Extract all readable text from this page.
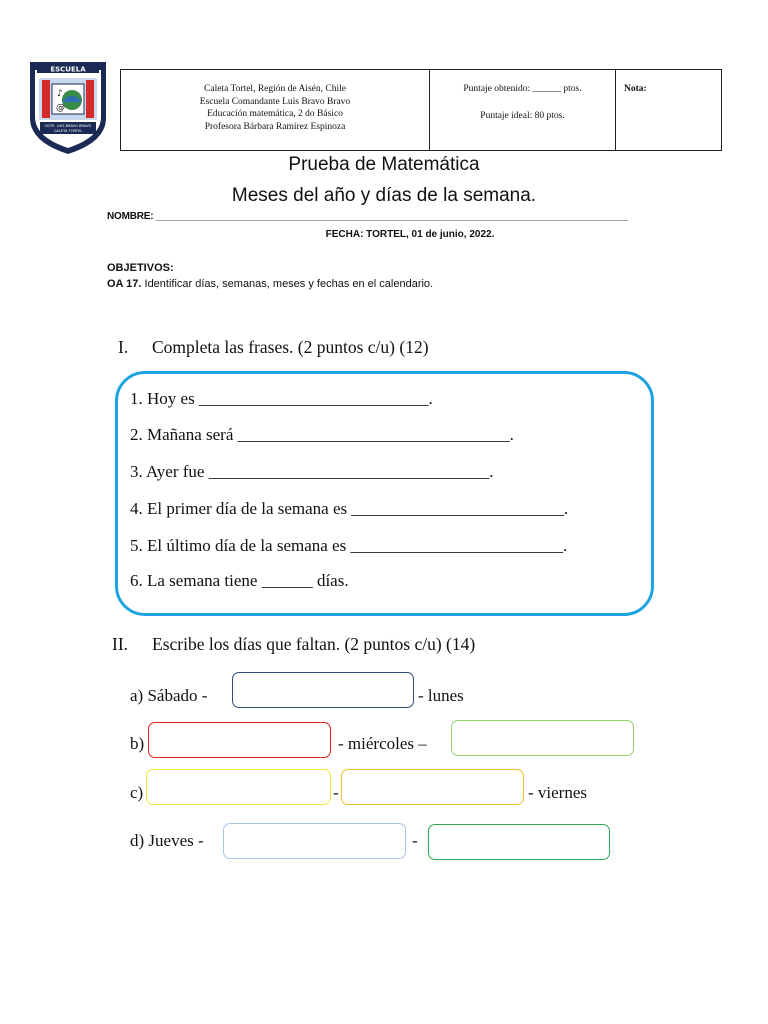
♪
@
ESCUELA
CDTE. LUIS BRAVO BRAVO
CALETA TORTEL
Caleta Tortel, Región de Aisén, Chile
Escuela Comandante Luis Bravo Bravo
Educación matemática, 2 do Básico
Profesora Bárbara Ramírez Espinoza
Puntaje obtenido: ______ ptos.
Puntaje ideal: 80 ptos.
Nota:
Prueba de Matemática
Meses del año y días de la semana.
NOMBRE: ________________________________________________________________________________________
FECHA: TORTEL, 01 de junio, 2022.
OBJETIVOS:
OA 17. Identificar días, semanas, meses y fechas en el calendario.
I. Completa las frases. (2 puntos c/u) (12)
1. Hoy es ___________________________.
2. Mañana será ________________________________.
3. Ayer fue _________________________________.
4. El primer día de la semana es _________________________.
5. El último día de la semana es _________________________.
6. La semana tiene ______ días.
II. Escribe los días que faltan. (2 puntos c/u) (14)
a) Sábado -	- lunes
b)	- miércoles –
c)	-	- viernes
d) Jueves -	-
